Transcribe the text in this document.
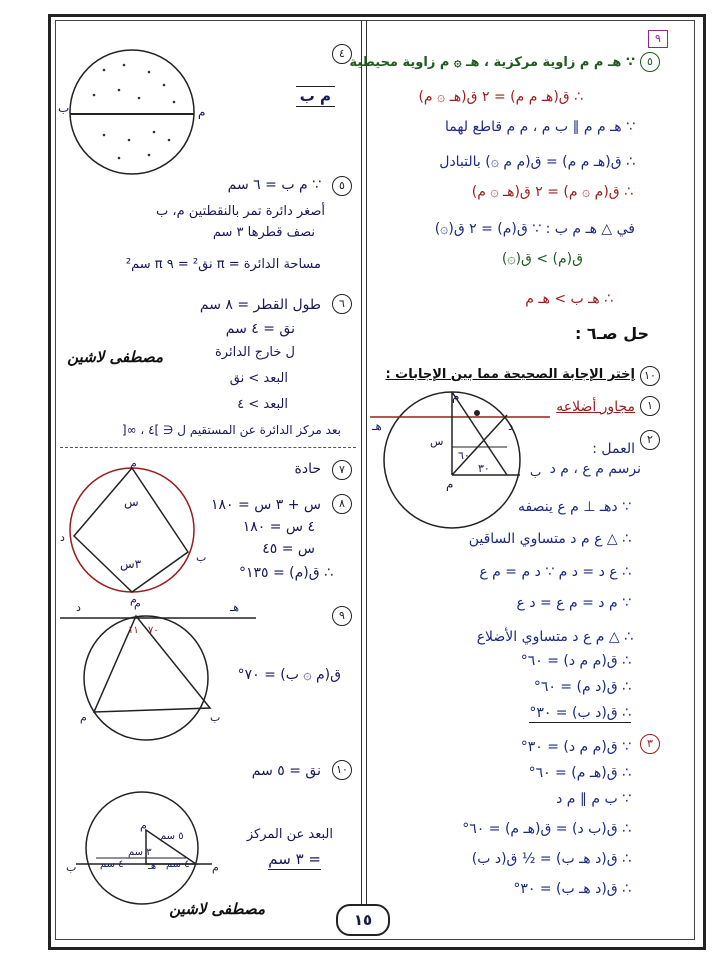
٩
٥
∵ هـ م م زاوية مركزية ، هـ ۞ م زاوية محيطية
∴ ق(هـ م م) = ٢ ق(هـ ۞ م)
∵ هـ م م ∥ ب م ، م م قاطع لهما
∴ ق(هـ م م) = ق(م م ۞) بالتبادل
∴ ق(م ۞ م) = ٢ ق(هـ ۞ م)
في △ هـ م ب : ∵ ق(م) = ٢ ق(۞)
ق(م) > ق(۞)
∴ هـ ب > هـ م
حل صـ٦ :
١٠
إختر الإجابة الصحيحة مما بين الإجابات :
١
مجاور أضلاعه
هـ	د
س
٦٠
٣٠
م
ب
م
٢
العمل :
نرسم م ع ، م د
∵ دهـ ⊥ م ع ينصفه
∴ △ ع م د متساوي الساقين
∴ ع د = د م ∵ د م = م ع
∵ م د = م ع = د ع
∴ △ م ع د متساوي الأضلاع
∴ ق(م م د) = ٦٠°
∴ ق(د م) = ٦٠°
∴ ق(د ب) = ٣٠°
٣
∵ ق(م م د) = ٣٠°
∴ ق(هـ م) = ٦٠°
∵ ب م ∥ م د
∴ ق(ب د) = ق(هـ م) = ٦٠°
∴ ق(د هـ ب) = ½ ق(د ب)
∴ ق(د هـ ب) = ٣٠°
ب	م
٤
م ب
٥
∵ م ب = ٦ سم
أصغر دائرة تمر بالنقطتين م، ب
نصف قطرها ٣ سم
مساحة الدائرة = π نق² = ٩ π سم²
٦
طول القطر = ٨ سم
نق = ٤ سم
ل خارج الدائرة
البعد > نق
البعد > ٤
بعد مركز الدائرة عن المستقيم ل ∈ ]٤ ، ∞[
مصطفى لاشين
٧
حادة
م
س
٣س
د
ب
م
٨
س + ٣ س = ١٨٠
٤ س = ١٨٠
س = ٤٥
∴ ق(م) = ١٣٥°
د	م	هـ
١١ ٧٠
م	ب
٩
ق(م ۞ ب) = ٧٠°
م
٥ سم
٣ سم
٤ سم	٤ سم
هـ
ب	م
١٠
نق = ٥ سم
البعد عن المركز
= ٣ سم
مصطفى لاشين
١٥
